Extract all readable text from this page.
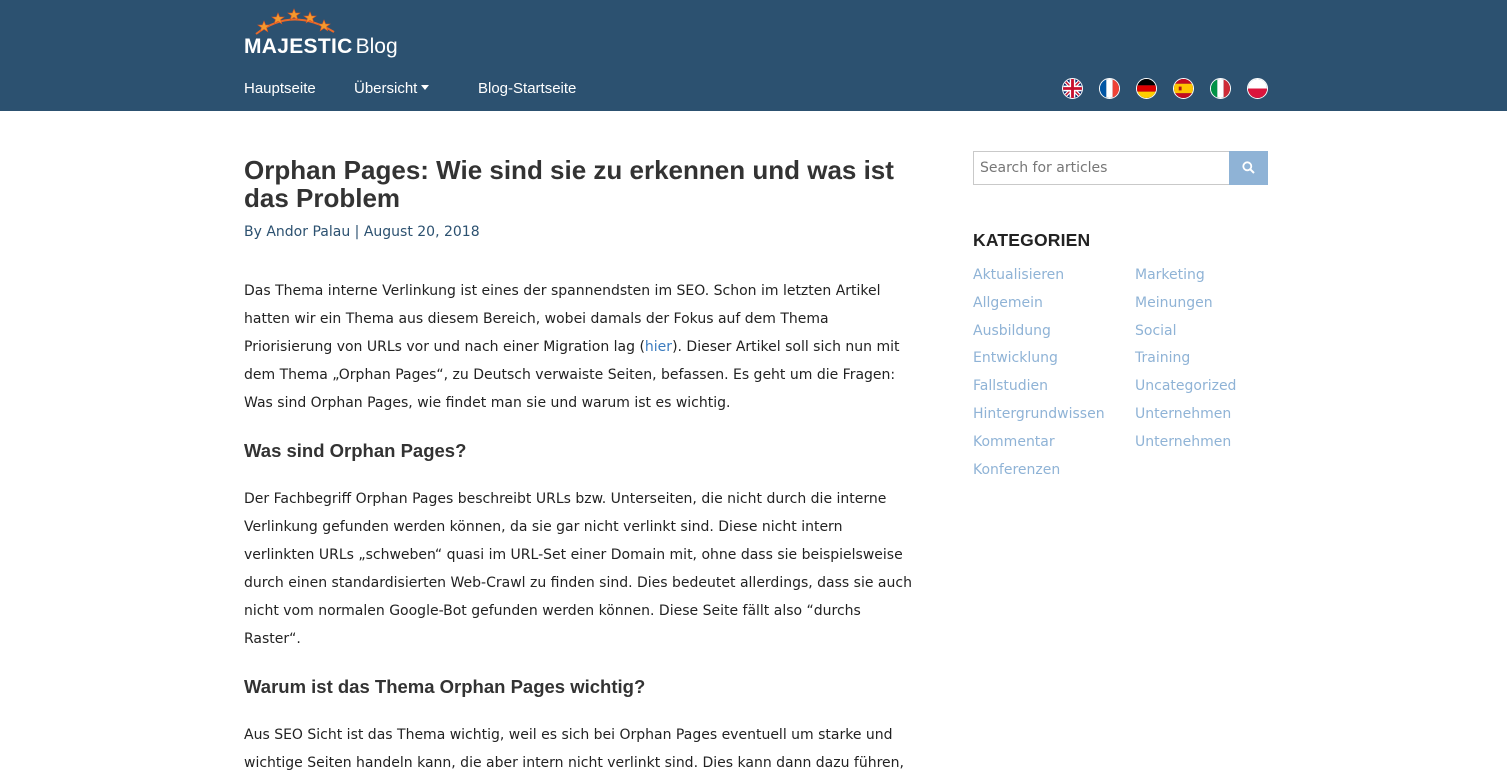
MAJESTIC Blog
Hauptseite	Übersicht	Blog-Startseite
Orphan Pages: Wie sind sie zu erkennen und was ist das Problem
By Andor Palau | August 20, 2018

Das Thema interne Verlinkung ist eines der spannendsten im SEO. Schon im letzten Artikel hatten wir ein Thema aus diesem Bereich, wobei damals der Fokus auf dem Thema Priorisierung von URLs vor und nach einer Migration lag (hier). Dieser Artikel soll sich nun mit dem Thema „Orphan Pages“, zu Deutsch verwaiste Seiten, befassen. Es geht um die Fragen: Was sind Orphan Pages, wie findet man sie und warum ist es wichtig.

Was sind Orphan Pages?

Der Fachbegriff Orphan Pages beschreibt URLs bzw. Unterseiten, die nicht durch die interne Verlinkung gefunden werden können, da sie gar nicht verlinkt sind. Diese nicht intern verlinkten URLs „schweben“ quasi im URL-Set einer Domain mit, ohne dass sie beispielsweise durch einen standardisierten Web-Crawl zu finden sind. Dies bedeutet allerdings, dass sie auch nicht vom normalen Google-Bot gefunden werden können. Diese Seite fällt also “durchs Raster“.

Warum ist das Thema Orphan Pages wichtig?

Aus SEO Sicht ist das Thema wichtig, weil es sich bei Orphan Pages eventuell um starke und wichtige Seiten handeln kann, die aber intern nicht verlinkt sind. Dies kann dann dazu führen,

Search for articles
KATEGORIEN
Aktualisieren
Allgemein
Ausbildung
Entwicklung
Fallstudien
Hintergrundwissen
Kommentar
Konferenzen
Marketing
Meinungen
Social
Training
Uncategorized
Unternehmen
Unternehmen
